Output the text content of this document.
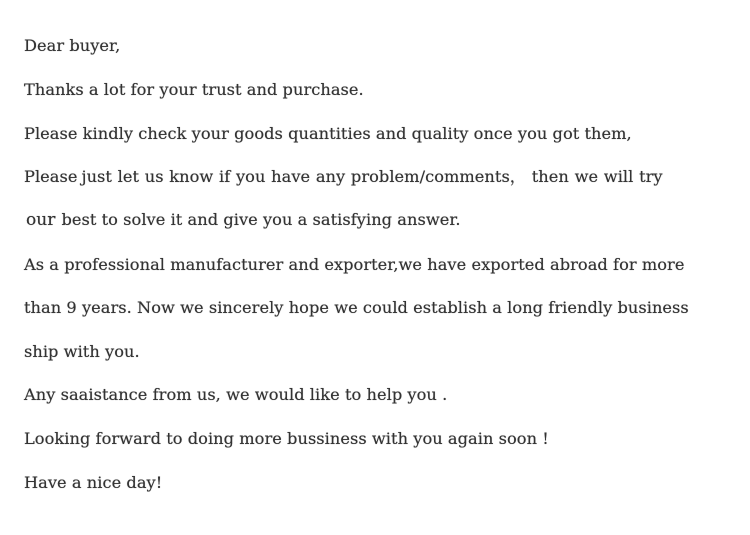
Dear buyer,

Thanks a lot for your trust and purchase.

Please kindly check your goods quantities and quality once you got them,

Please just let us know if you have any problem/comments， then we will try

our best to solve it and give you a satisfying answer.

As a professional manufacturer and exporter,we have exported abroad for more

than 9 years. Now we sincerely hope we could establish a long friendly business

ship with you.

Any saaistance from us, we would like to help you .

Looking forward to doing more bussiness with you again soon !

Have a nice day!
